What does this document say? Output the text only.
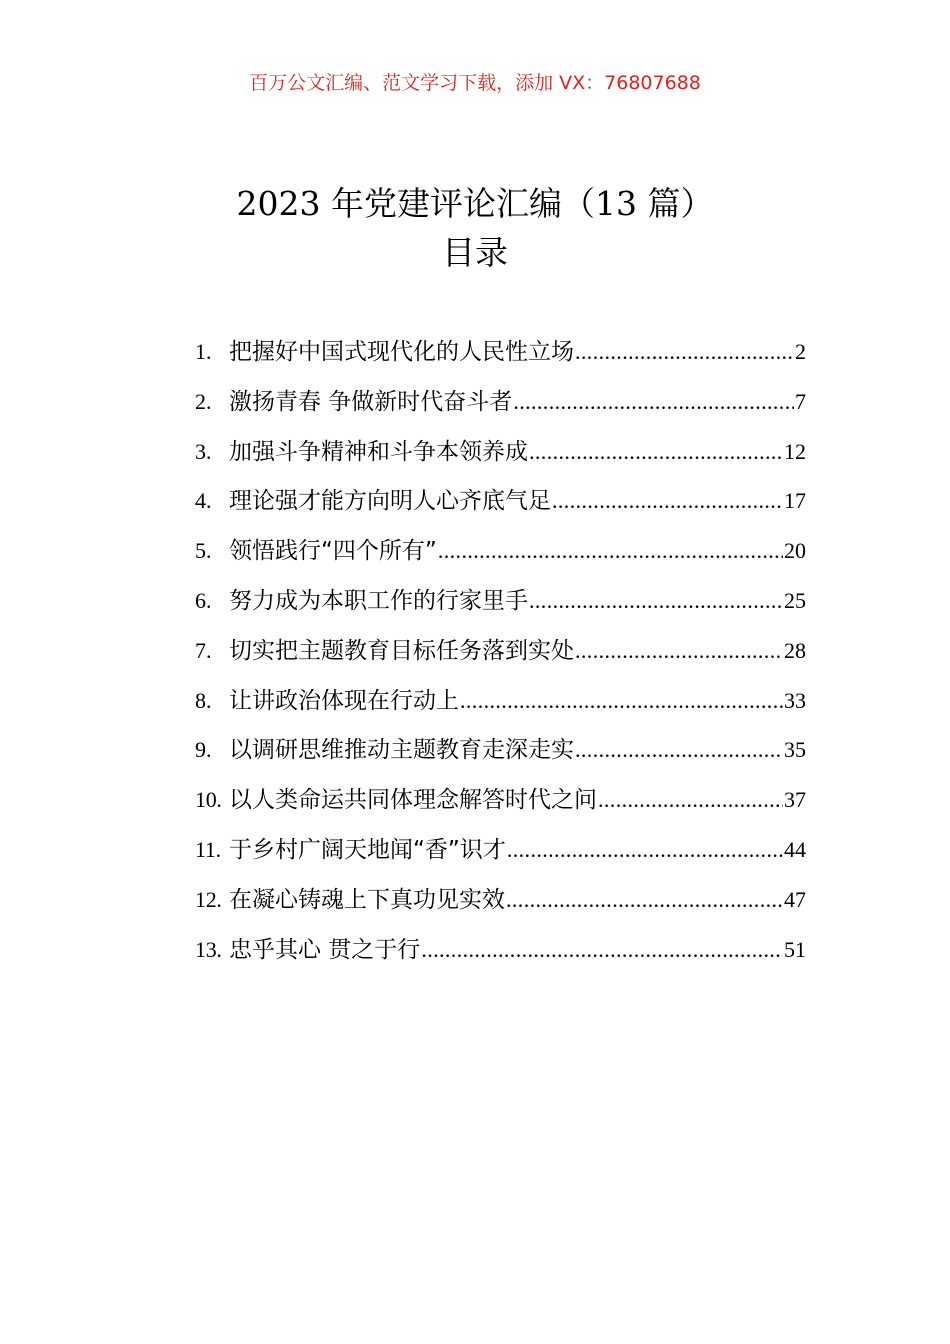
百万公文汇编、范文学习下载，添加 VX：76807688
2023 年党建评论汇编（13 篇）
目录
1. 把握好中国式现代化的人民性立场 .....	2
2. 激扬青春 争做新时代奋斗者 .....	7
3. 加强斗争精神和斗争本领养成 .....	12
4. 理论强才能方向明人心齐底气足 .....	17
5. 领悟践行“四个所有” .....	20
6. 努力成为本职工作的行家里手 .....	25
7. 切实把主题教育目标任务落到实处 .....	28
8. 让讲政治体现在行动上 .....	33
9. 以调研思维推动主题教育走深走实 .....	35
10. 以人类命运共同体理念解答时代之问 .....	37
11. 于乡村广阔天地闻“香”识才 .....	44
12. 在凝心铸魂上下真功见实效 .....	47
13. 忠乎其心 贯之于行 .....	51
